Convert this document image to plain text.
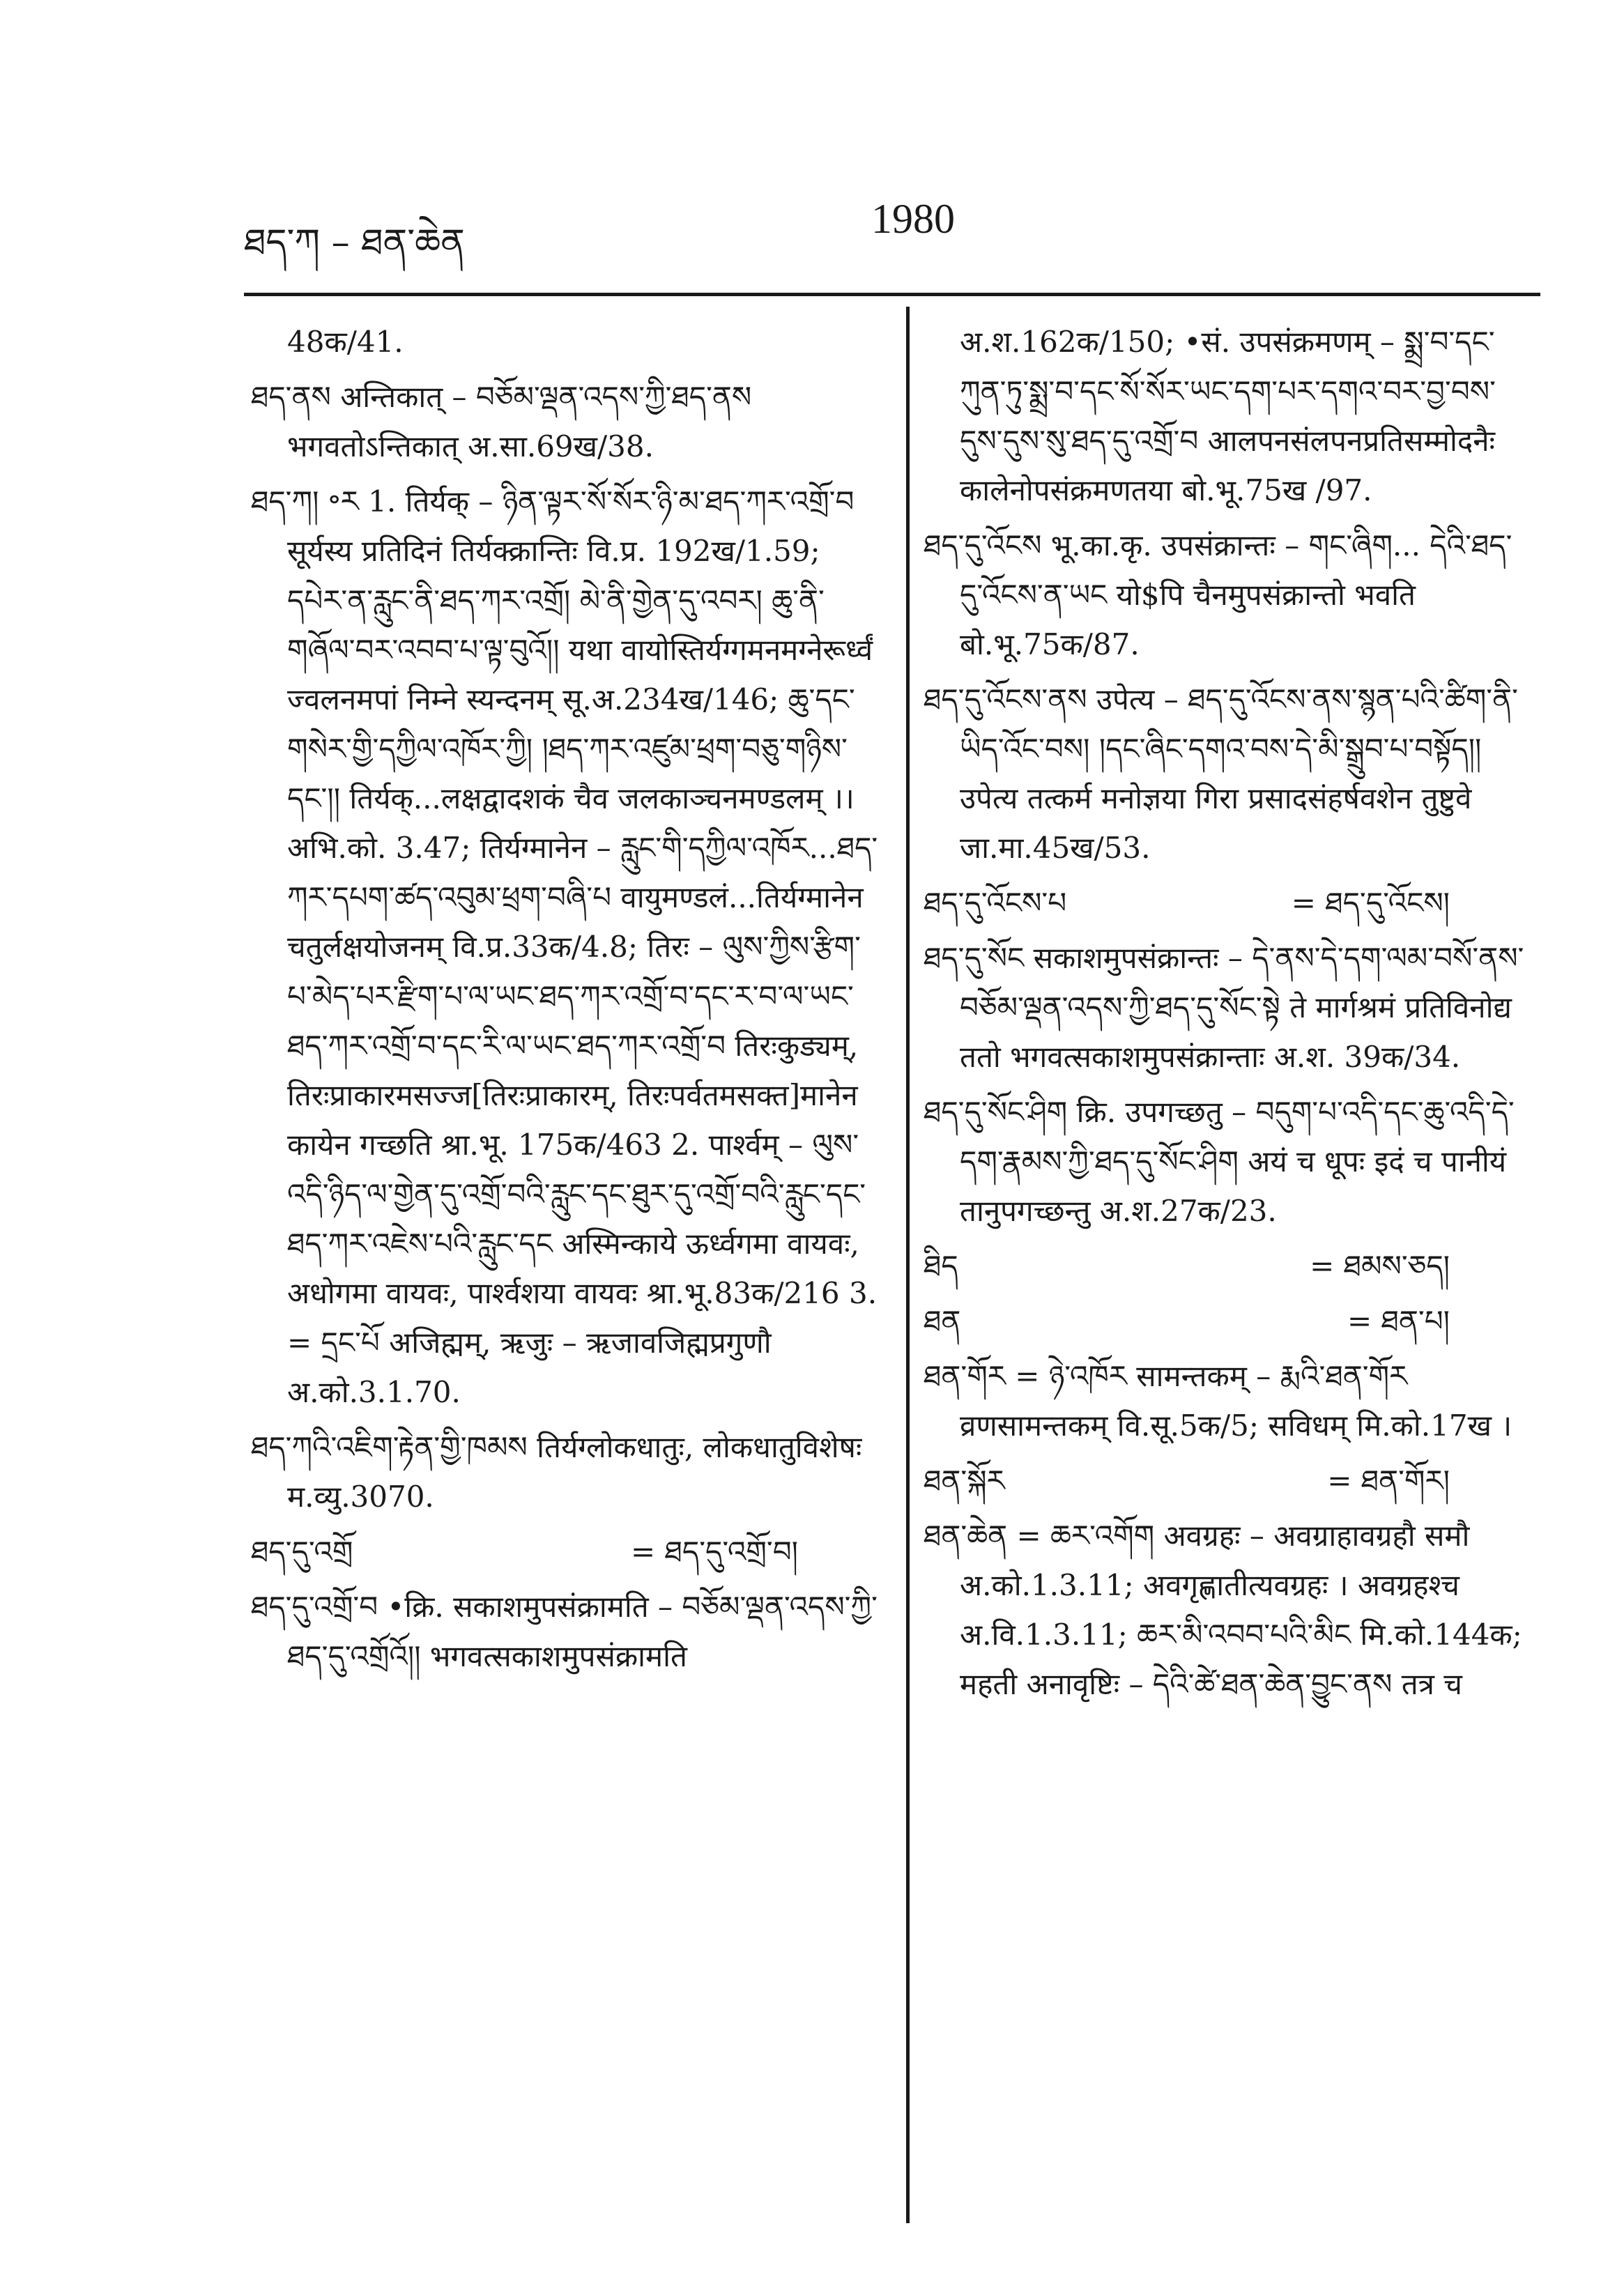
ཐད་ཀ – ཐན་ཆེན
1980

48क/41.

ཐད་ནས अन्तिकात् – བཅོམ་ལྡན་འདས་ཀྱི་ཐད་ནས भगवतोऽन्तिकात् अ.सा.69ख/38.

ཐད་ཀ། ॰ར 1. तिर्यक् – ཉིན་ལྟར་སོ་སོར་ཉི་མ་ཐད་ཀར་འགྲོ་བ सूर्यस्य प्रतिदिनं तिर्यक्क्रान्तिः वि.प्र. 192ख/1.59; དཔེར་ན་རླུང་ནི་ཐད་ཀར་འགྲོ། མེ་ནི་གྱེན་དུ་འབར། ཆུ་ནི་གཞོལ་བར་འབབ་པ་ལྟ་བུའོ།། यथा वायोस्तिर्यग्गमनमग्नेरूर्ध्वं ज्वलनमपां निम्ने स्यन्दनम् सू.अ.234ख/146; ཆུ་དང་གསེར་གྱི་དཀྱིལ་འཁོར་ཀྱི། །ཐད་ཀར་འཛུམ་ཕྲག་བཅུ་གཉིས་དང་།། तिर्यक्...लक्षद्वादशकं चैव जलकाञ्चनमण्डलम् ।। अभि.को. 3.47; तिर्यग्मानेन – རླུང་གི་དཀྱིལ་འཁོར...ཐད་ཀར་དཔག་ཚད་འབུམ་ཕྲག་བཞི་པ वायुमण्डलं...तिर्यग्मानेन चतुर्लक्षयोजनम् वि.प्र.33क/4.8; तिरः – ལུས་ཀྱིས་རྩིག་པ་མེད་པར་རྫིག་པ་ལ་ཡང་ཐད་ཀར་འགྲོ་བ་དང་ར་བ་ལ་ཡང་ཐད་ཀར་འགྲོ་བ་དང་རི་ལ་ཡང་ཐད་ཀར་འགྲོ་བ तिरःकुड्यम्, तिरःप्राकारमसज्ज[तिरःप्राकारम्, तिरःपर्वतमसक्त]मानेन कायेन गच्छति श्रा.भू. 175क/463 2. पार्श्वम् – ལུས་འདི་ཉིད་ལ་གྱེན་དུ་འགྲོ་བའི་རླུང་དང་ཐུར་དུ་འགྲོ་བའི་རླུང་དང་ཐད་ཀར་འཇེས་པའི་རླུང་དང अस्मिन्काये ऊर्ध्वगमा वायवः, अधोगमा वायवः, पार्श्वशया वायवः श्रा.भू.83क/216 3. = དྲང་པོ अजिह्मम्, ऋजुः – ऋजावजिह्मप्रगुणौ अ.को.3.1.70.

ཐད་ཀའི་འཇིག་རྟེན་གྱི་ཁམས तिर्यग्लोकधातुः, लोकधातुविशेषः म.व्यु.3070.

ཐད་དུ་འགྲོ	= ཐད་དུ་འགྲོ་བ།

ཐད་དུ་འགྲོ་བ •क्रि. सकाशमुपसंक्रामति – བཅོམ་ལྡན་འདས་ཀྱི་ཐད་དུ་འགྲོའོ།། भगवत्सकाशमुपसंक्रामति

अ.श.162क/150; •सं. उपसंक्रमणम् – སྨྲ་བ་དང་ཀུན་ཏུ་སྨྲ་བ་དང་སོ་སོར་ཡང་དག་པར་དགའ་བར་བྱ་བས་དུས་དུས་སུ་ཐད་དུ་འགྲོ་བ आलपनसंलपनप्रतिसम्मोदनैः कालेनोपसंक्रमणतया बो.भू.75ख /97.

ཐད་དུ་འོངས भू.का.कृ. उपसंक्रान्तः – གང་ཞིག... དེའི་ཐད་དུ་འོངས་ན་ཡང यो$पि चैनमुपसंक्रान्तो भवति बो.भू.75क/87.

ཐད་དུ་འོངས་ནས उपेत्य – ཐད་དུ་འོངས་ནས་སྙན་པའི་ཚིག་ནི་ཡིད་འོང་བས། །དང་ཞིང་དགའ་བས་དེ་མི་སྒྲུབ་པ་བསྟོད།། उपेत्य तत्कर्म मनोज्ञया गिरा प्रसादसंहर्षवशेन तुष्टुवे जा.मा.45ख/53.

ཐད་དུ་འོངས་པ	= ཐད་དུ་འོངས།

ཐད་དུ་སོང सकाशमुपसंक्रान्तः – དེ་ནས་དེ་དག་ལམ་བསོ་ནས་བཅོམ་ལྡན་འདས་ཀྱི་ཐད་དུ་སོང་སྟེ ते मार्गश्रमं प्रतिविनोद्य ततो भगवत्सकाशमुपसंक्रान्ताः अ.श. 39क/34.

ཐད་དུ་སོང་ཤིག क्रि. उपगच्छतु – བདུག་པ་འདི་དང་ཆུ་འདི་དེ་དག་རྣམས་ཀྱི་ཐད་དུ་སོང་ཤིག अयं च धूपः इदं च पानीयं तानुपगच्छन्तु अ.श.27क/23.

ཐིད	= ཐམས་ཅད།

ཐན	= ཐན་པ།

ཐན་གོར = ཉེ་འཁོར सामन्तकम् – རྨའི་ཐན་གོར व्रणसामन्तकम् वि.सू.5क/5; सविधम् मि.को.17ख ।

ཐན་སྐོར	= ཐན་གོར།

ཐན་ཆེན = ཆར་འགོག अवग्रहः – अवग्राहावग्रहौ समौ अ.को.1.3.11; अवगृह्णातीत्यवग्रहः । अवग्रहश्च अ.वि.1.3.11; ཆར་མི་འབབ་པའི་མིང मि.को.144क; महती अनावृष्टिः – དེའི་ཚེ་ཐན་ཆེན་བྱུང་ནས तत्र च
